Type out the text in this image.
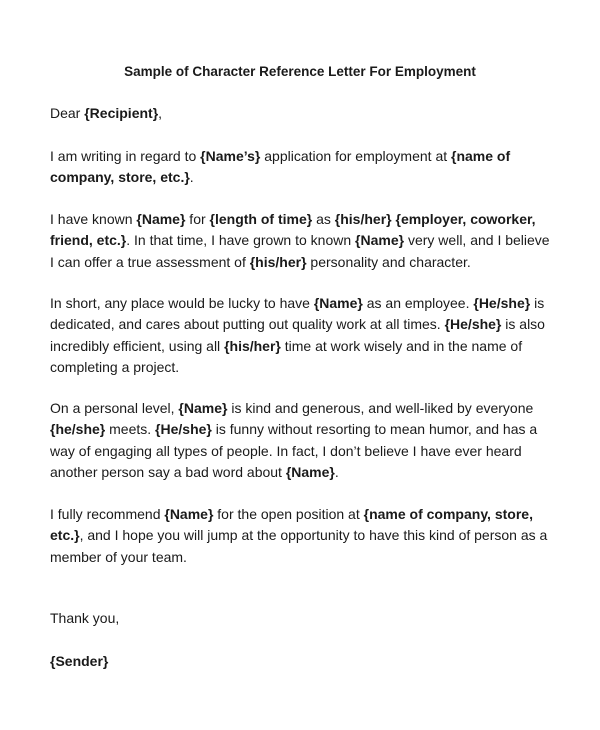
Sample of Character Reference Letter For Employment

Dear {Recipient},

I am writing in regard to {Name’s} application for employment at {name of
company, store, etc.}.

I have known {Name} for {length of time} as {his/her} {employer, coworker,
friend, etc.}. In that time, I have grown to known {Name} very well, and I believe
I can offer a true assessment of {his/her} personality and character.

In short, any place would be lucky to have {Name} as an employee. {He/she} is
dedicated, and cares about putting out quality work at all times. {He/she} is also
incredibly efficient, using all {his/her} time at work wisely and in the name of
completing a project.

On a personal level, {Name} is kind and generous, and well-liked by everyone
{he/she} meets. {He/she} is funny without resorting to mean humor, and has a
way of engaging all types of people. In fact, I don’t believe I have ever heard
another person say a bad word about {Name}.

I fully recommend {Name} for the open position at {name of company, store,
etc.}, and I hope you will jump at the opportunity to have this kind of person as a
member of your team.

Thank you,

{Sender}
